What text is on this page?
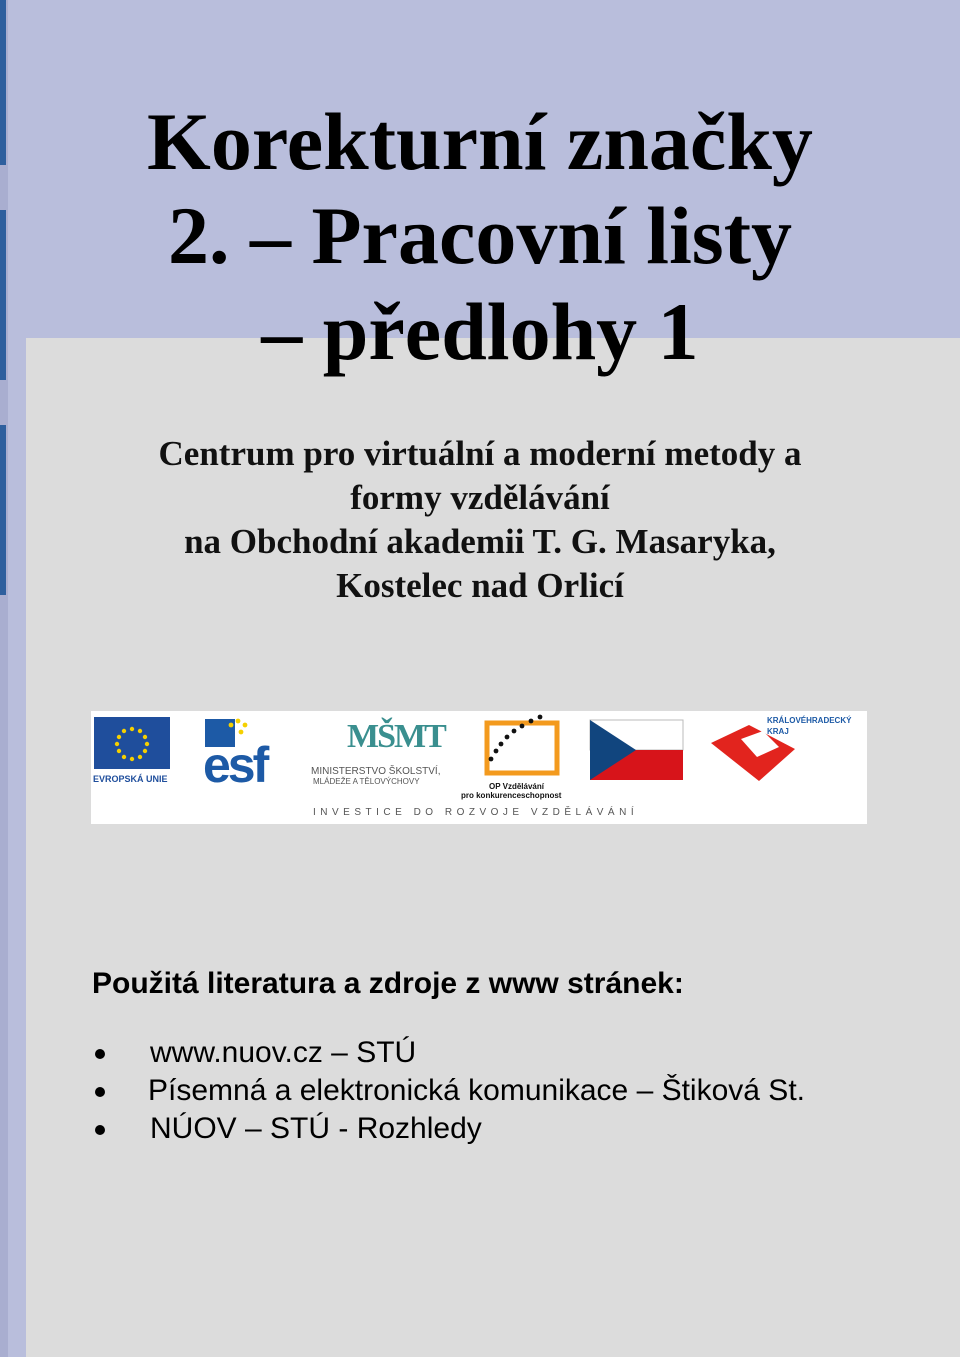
Korekturní značky
2. – Pracovní listy
– předlohy 1
Centrum pro virtuální a moderní metody a
formy vzdělávání
na Obchodní akademii T. G. Masaryka,
Kostelec nad Orlicí
EVROPSKÁ UNIE esf
MŠMT
MINISTERSTVO ŠKOLSTVÍ,
MLÁDEŽE A TĚLOVÝCHOVY
OP Vzdělávání
pro konkurenceschopnost
KRÁLOVÉHRADECKÝ
KRAJ
INVESTICE DO ROZVOJE VZDĚLÁVÁNÍ
Použitá literatura a zdroje z www stránek:
www.nuov.cz – STÚ
Písemná a elektronická komunikace – Štiková St.
NÚOV – STÚ - Rozhledy
